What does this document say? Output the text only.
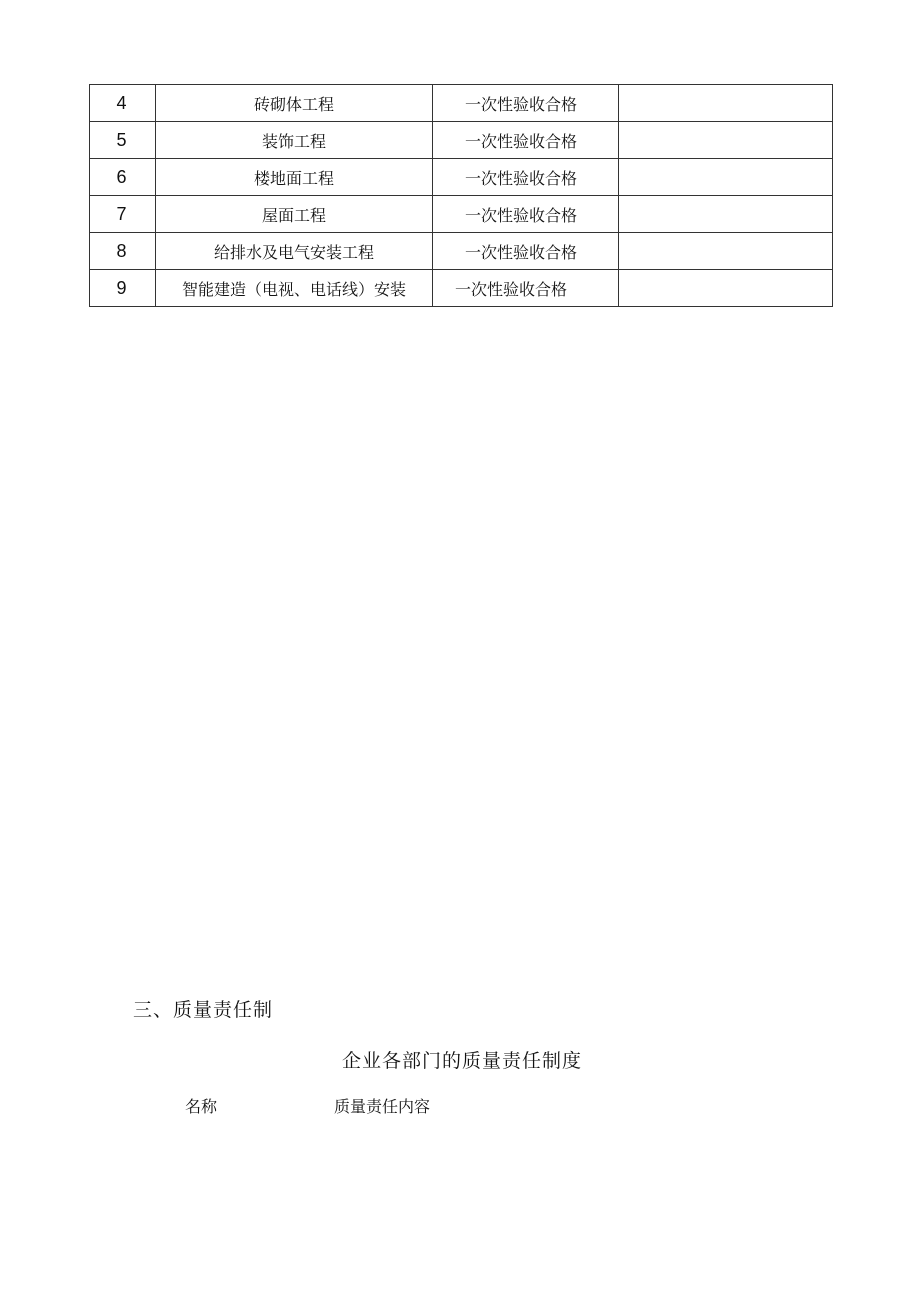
4	砖砌体工程	一次性验收合格	
5	装饰工程	一次性验收合格	
6	楼地面工程	一次性验收合格	
7	屋面工程	一次性验收合格	
8	给排水及电气安装工程	一次性验收合格	
9	智能建造（电视、电话线）安装	一次性验收合格	
三、质量责任制
企业各部门的质量责任制度
名称	质量责任内容
